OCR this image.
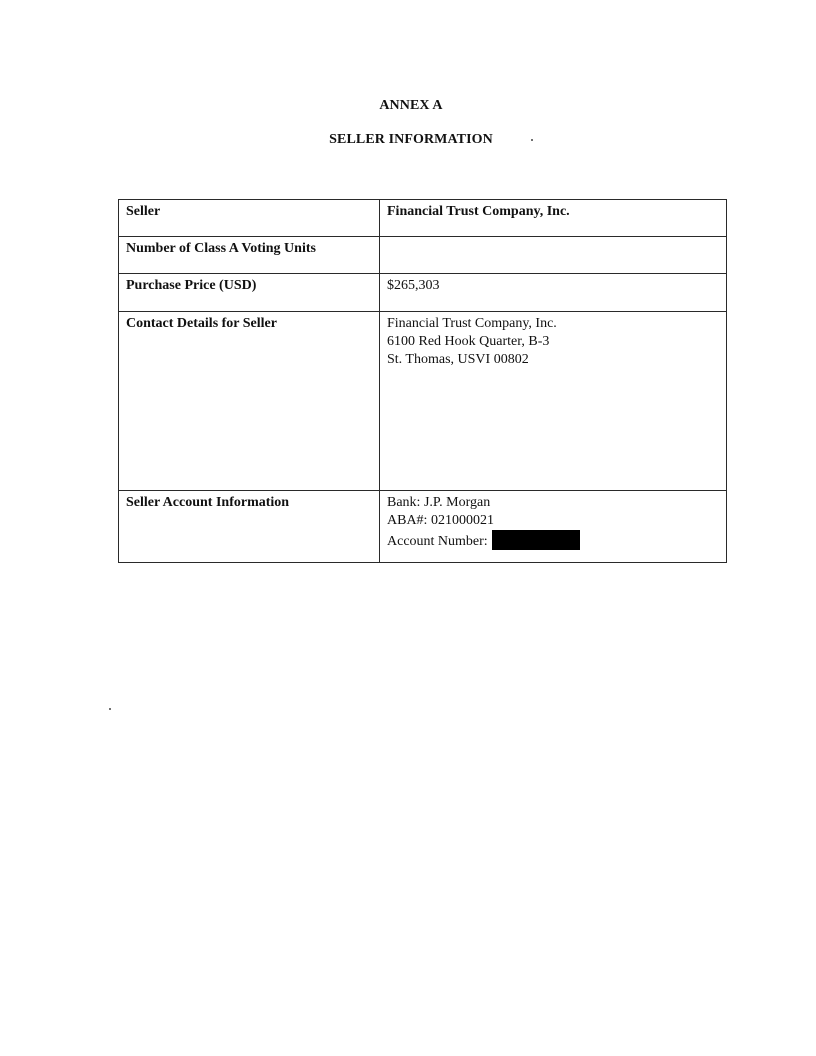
ANNEX A
SELLER INFORMATION
Seller	Financial Trust Company, Inc.
Number of Class A Voting Units	
Purchase Price (USD)	$265,303
Contact Details for Seller	Financial Trust Company, Inc.
6100 Red Hook Quarter, B-3
St. Thomas, USVI 00802

Seller Account Information	Bank: J.P. Morgan
ABA#: 021000021
Account Number:
